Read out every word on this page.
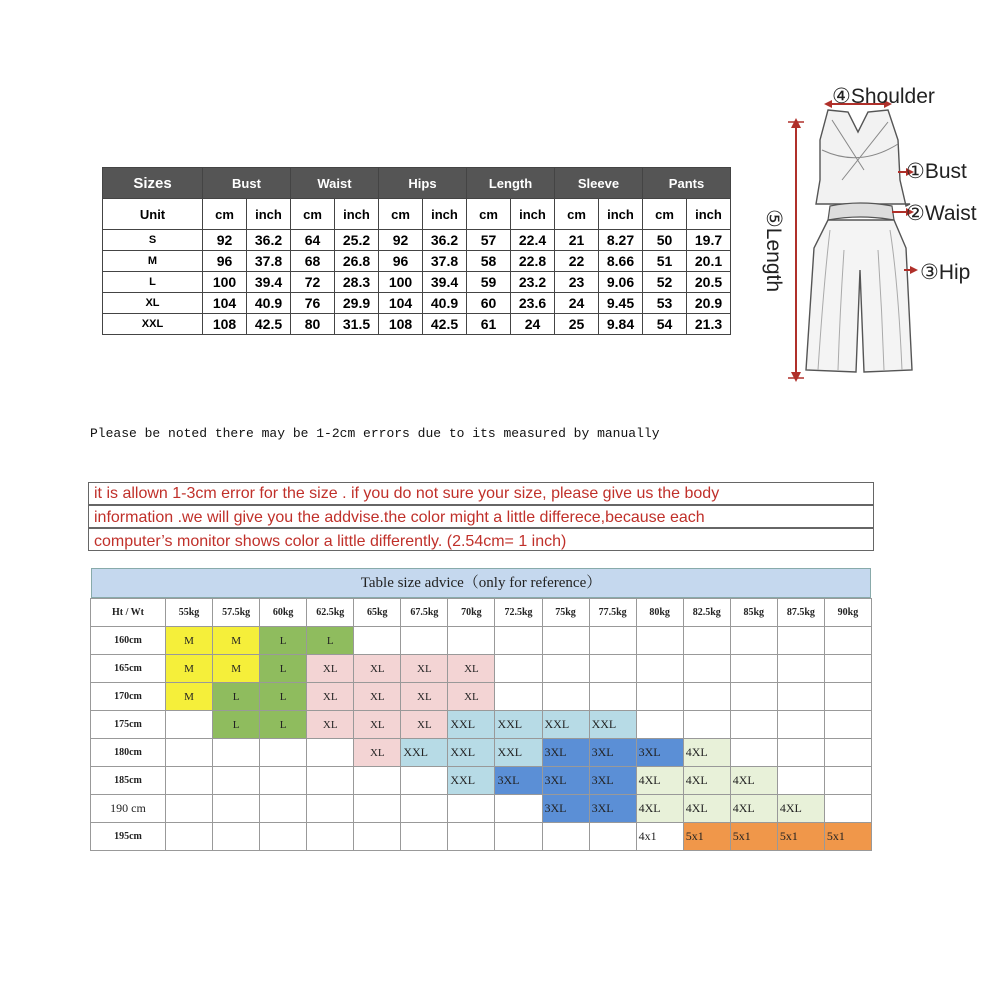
Sizes	Bust		Waist		Hips		Length		Sleeve		Pants	
Unit	cm	inch	cm	inch	cm	inch	cm	inch	cm	inch	cm	inch
S	92	36.2	64	25.2	92	36.2	57	22.4	21	8.27	50	19.7
M	96	37.8	68	26.8	96	37.8	58	22.8	22	8.66	51	20.1
L	100	39.4	72	28.3	100	39.4	59	23.2	23	9.06	52	20.5
XL	104	40.9	76	29.9	104	40.9	60	23.6	24	9.45	53	20.9
XXL	108	42.5	80	31.5	108	42.5	61	24	25	9.84	54	21.3
④Shoulder
①Bust
②Waist
③Hip
⑤Length
Please be noted there may be 1-2cm errors due to its measured by manually
it is allown 1-3cm error for the size . if you do not sure your size, please give us the body
information .we will give you the addvise.the color might a little differece,because each
computer’s monitor shows color a little differently. (2.54cm= 1 inch)
Table size advice（only for reference）
Ht / Wt	55kg	57.5kg	60kg	62.5kg	65kg	67.5kg	70kg	72.5kg	75kg	77.5kg	80kg	82.5kg	85kg	87.5kg	90kg
160cm	M	M	L	L											
165cm	M	M	L	XL	XL	XL	XL								
170cm	M	L	L	XL	XL	XL	XL								
175cm		L	L	XL	XL	XL	XXL	XXL	XXL	XXL					
180cm					XL	XXL	XXL	XXL	3XL	3XL	3XL	4XL			
185cm							XXL	3XL	3XL	3XL	4XL	4XL	4XL		
190 cm									3XL	3XL	4XL	4XL	4XL	4XL	
195cm											4x1	5x1	5x1	5x1	5x1
